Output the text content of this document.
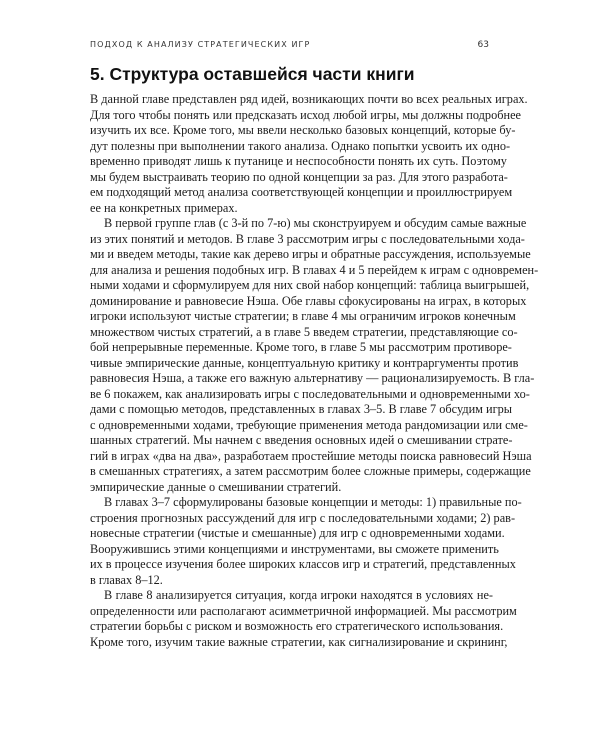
ПОДХОД К АНАЛИЗУ СТРАТЕГИЧЕСКИХ ИГР	63
5. Структура оставшейся части книги
В данной главе представлен ряд идей, возникающих почти во всех реальных играх.
Для того чтобы понять или предсказать исход любой игры, мы должны подробнее
изучить их все. Кроме того, мы ввели несколько базовых концепций, которые бу-
дут полезны при выполнении такого анализа. Однако попытки усвоить их одно-
временно приводят лишь к путанице и неспособности понять их суть. Поэтому
мы будем выстраивать теорию по одной концепции за раз. Для этого разработа-
ем подходящий метод анализа соответствующей концепции и проиллюстрируем
ее на конкретных примерах.
В первой группе глав (с 3-й по 7-ю) мы сконструируем и обсудим самые важные
из этих понятий и методов. В главе 3 рассмотрим игры с последовательными хода-
ми и введем методы, такие как дерево игры и обратные рассуждения, используемые
для анализа и решения подобных игр. В главах 4 и 5 перейдем к играм с одновремен-
ными ходами и сформулируем для них свой набор концепций: таблица выигрышей,
доминирование и равновесие Нэша. Обе главы сфокусированы на играх, в которых
игроки используют чистые стратегии; в главе 4 мы ограничим игроков конечным
множеством чистых стратегий, а в главе 5 введем стратегии, представляющие со-
бой непрерывные переменные. Кроме того, в главе 5 мы рассмотрим противоре-
чивые эмпирические данные, концептуальную критику и контраргументы против
равновесия Нэша, а также его важную альтернативу — рационализируемость. В гла-
ве 6 покажем, как анализировать игры с последовательными и одновременными хо-
дами с помощью методов, представленных в главах 3–5. В главе 7 обсудим игры
с одновременными ходами, требующие применения метода рандомизации или сме-
шанных стратегий. Мы начнем с введения основных идей о смешивании страте-
гий в играх «два на два», разработаем простейшие методы поиска равновесий Нэша
в смешанных стратегиях, а затем рассмотрим более сложные примеры, содержащие
эмпирические данные о смешивании стратегий.
В главах 3–7 сформулированы базовые концепции и методы: 1) правильные по-
строения прогнозных рассуждений для игр с последовательными ходами; 2) рав-
новесные стратегии (чистые и смешанные) для игр с одновременными ходами.
Вооружившись этими концепциями и инструментами, вы сможете применить
их в процессе изучения более широких классов игр и стратегий, представленных
в главах 8–12.
В главе 8 анализируется ситуация, когда игроки находятся в условиях не-
определенности или располагают асимметричной информацией. Мы рассмотрим
стратегии борьбы с риском и возможность его стратегического использования.
Кроме того, изучим такие важные стратегии, как сигнализирование и скрининг,
